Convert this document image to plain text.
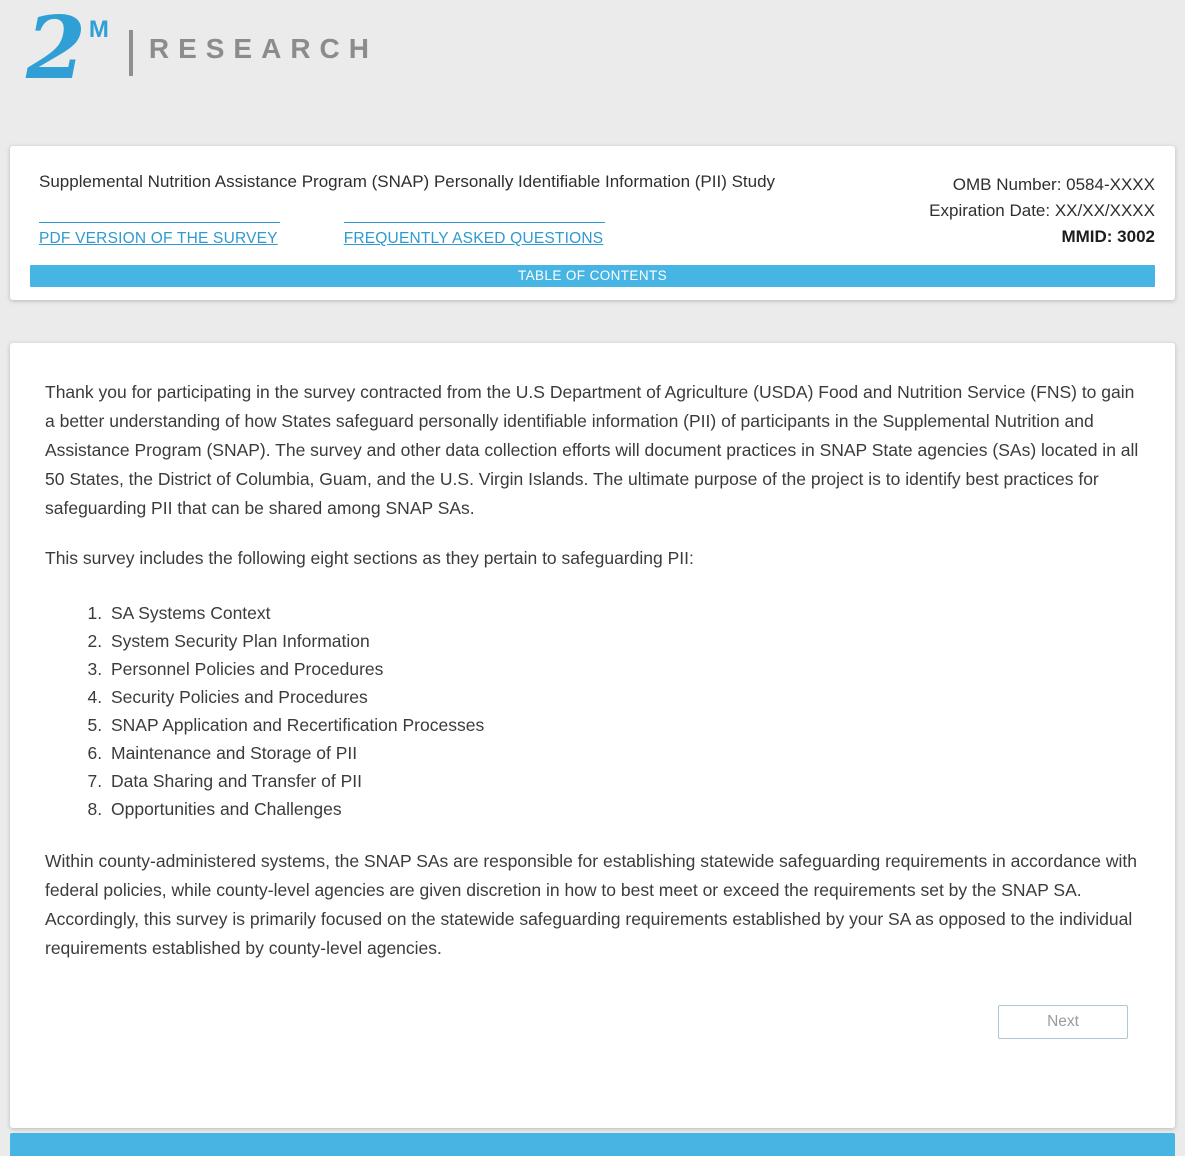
2 M
RESEARCH
Supplemental Nutrition Assistance Program (SNAP) Personally Identifiable Information (PII) Study
PDF VERSION OF THE SURVEY	FREQUENTLY ASKED QUESTIONS
OMB Number: 0584-XXXX
Expiration Date: XX/XX/XXXX
MMID: 3002
TABLE OF CONTENTS

Thank you for participating in the survey contracted from the U.S Department of Agriculture (USDA) Food and Nutrition Service (FNS) to gain a better understanding of how States safeguard personally identifiable information (PII) of participants in the Supplemental Nutrition and Assistance Program (SNAP). The survey and other data collection efforts will document practices in SNAP State agencies (SAs) located in all 50 States, the District of Columbia, Guam, and the U.S. Virgin Islands. The ultimate purpose of the project is to identify best practices for safeguarding PII that can be shared among SNAP SAs.

This survey includes the following eight sections as they pertain to safeguarding PII:

1. SA Systems Context
2. System Security Plan Information
3. Personnel Policies and Procedures
4. Security Policies and Procedures
5. SNAP Application and Recertification Processes
6. Maintenance and Storage of PII
7. Data Sharing and Transfer of PII
8. Opportunities and Challenges

Within county-administered systems, the SNAP SAs are responsible for establishing statewide safeguarding requirements in accordance with federal policies, while county-level agencies are given discretion in how to best meet or exceed the requirements set by the SNAP SA. Accordingly, this survey is primarily focused on the statewide safeguarding requirements established by your SA as opposed to the individual requirements established by county-level agencies.

Next
